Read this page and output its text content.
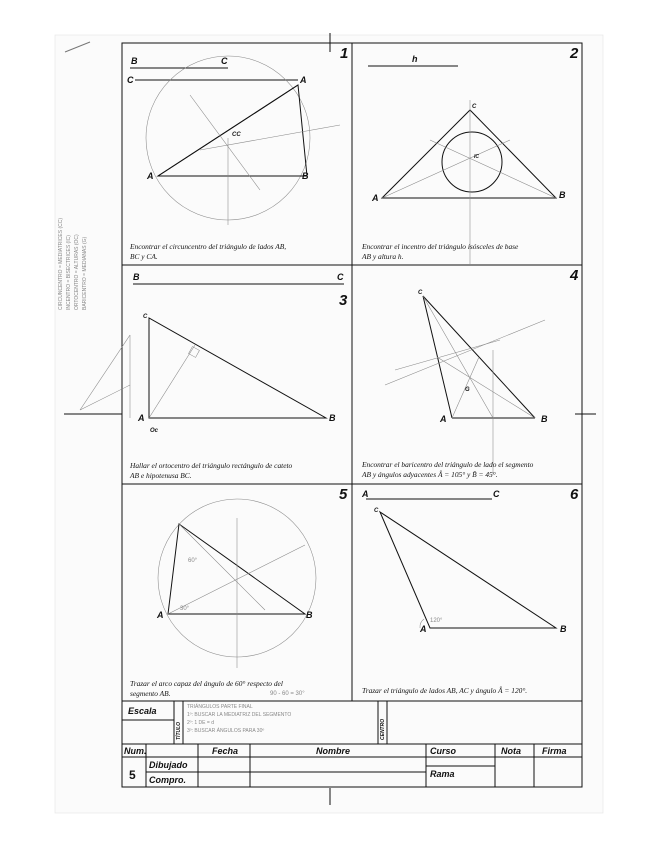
CIRCUNCENTRO = MEDIATRICES (CC) INCENTRO = BISECTRICES (IC) ORTOCENTRO = ALTURAS (OC) BARICENTRO = MEDIANAS (G)
1
B	C
C	A
A	B
CC
Encontrar el circuncentro del triángulo de lados AB,
BC y CA.
2
h
A	B
C
IC
Encontrar el incentro del triángulo isósceles de base
AB y altura h.
3
B	C
A	B
C
Oc
Hallar el ortocentro del triángulo rectángulo de cateto
AB e hipotenusa BC.
4
A	B
C
G
Encontrar el baricentro del triángulo de lado el segmento
AB y ángulos adyacentes Â = 105° y B̂ = 45°.
5
A	B
60°
30°
Trazar el arco capaz del ángulo de 60° respecto del
segmento AB.	90 - 60 = 30°
6
A	C
A	B
C
120°
Trazar el triángulo de lados AB, AC y ángulo Â = 120°.
Escala
TÍTULO	CENTRO
TRIÁNGULOS PARTE FINAL
1º: BUSCAR LA MEDIATRIZ DEL SEGMENTO
2º: 1 DE = d
3º: BUSCAR ÁNGULOS PARA 30º
Num.	Fecha	Nombre	Curso	Nota Firma
Dibujado
Compro.
Rama
5
